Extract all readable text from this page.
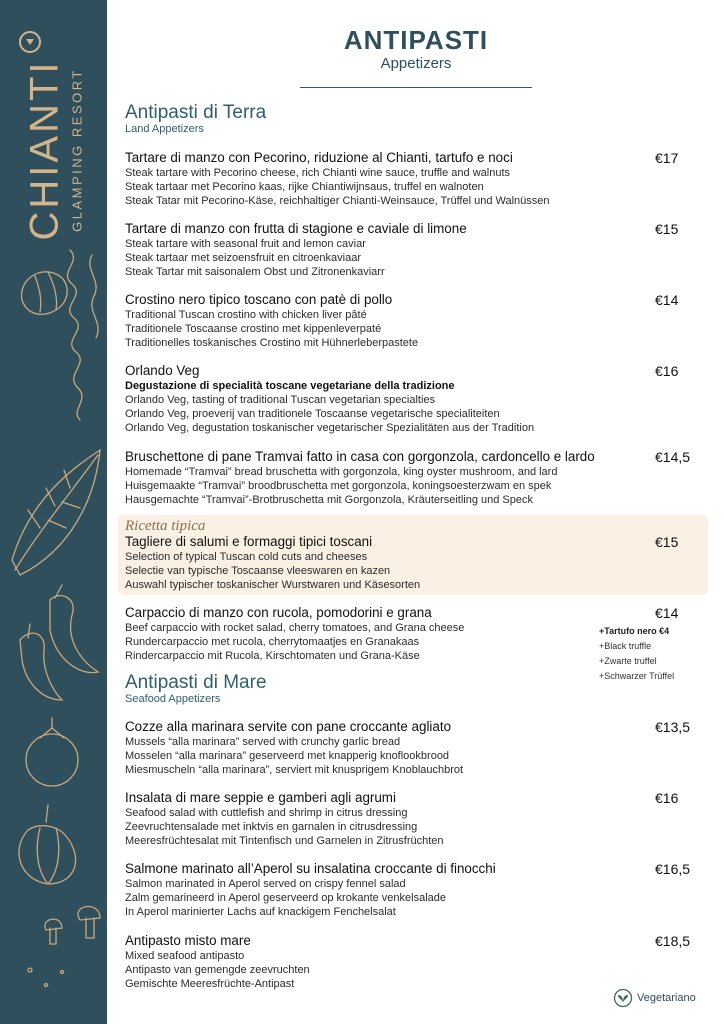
CHIANTI GLAMPING RESORT
ANTIPASTI
Appetizers
Antipasti di Terra
Land Appetizers
Tartare di manzo con Pecorino, riduzione al Chianti, tartufo e noci
Steak tartare with Pecorino cheese, rich Chianti wine sauce, truffle and walnuts
Steak tartaar met Pecorino kaas, rijke Chiantiwijnsaus, truffel en walnoten
Steak Tatar mit Pecorino-Käse, reichhaltiger Chianti-Weinsauce, Trüffel und Walnüssen
€17
Tartare di manzo con frutta di stagione e caviale di limone
Steak tartare with seasonal fruit and lemon caviar
Steak tartaar met seizoensfruit en citroenkaviaar
Steak Tartar mit saisonalem Obst und Zitronenkaviarr
€15
Crostino nero tipico toscano con patè di pollo
Traditional Tuscan crostino with chicken liver pâté
Traditionele Toscaanse crostino met kippenleverpaté
Traditionelles toskanisches Crostino mit Hühnerleberpastete
€14
Orlando Veg
Degustazione di specialità toscane vegetariane della tradizione
Orlando Veg, tasting of traditional Tuscan vegetarian specialties
Orlando Veg, proeverij van traditionele Toscaanse vegetarische specialiteiten
Orlando Veg, degustation toskanischer vegetarischer Spezialitäten aus der Tradition
€16
Bruschettone di pane Tramvai fatto in casa con gorgonzola, cardoncello e lardo
Homemade “Tramvai” bread bruschetta with gorgonzola, king oyster mushroom, and lard
Huisgemaakte “Tramvai” broodbruschetta met gorgonzola, koningsoesterzwam en spek
Hausgemachte “Tramvai”-Brotbruschetta mit Gorgonzola, Kräuterseitling und Speck
€14,5
Ricetta tipica
Tagliere di salumi e formaggi tipici toscani
Selection of typical Tuscan cold cuts and cheeses
Selectie van typische Toscaanse vleeswaren en kazen
Auswahl typischer toskanischer Wurstwaren und Käsesorten
€15
Carpaccio di manzo con rucola, pomodorini e grana
Beef carpaccio with rocket salad, cherry tomatoes, and Grana cheese
Rundercarpaccio met rucola, cherrytomaatjes en Granakaas
Rindercarpaccio mit Rucola, Kirschtomaten und Grana-Käse
€14
+Tartufo nero €4
+Black truffle
+Zwarte truffel
+Schwarzer Trüffel
Antipasti di Mare
Seafood Appetizers
Cozze alla marinara servite con pane croccante agliato
Mussels “alla marinara” served with crunchy garlic bread
Mosselen “alla marinara” geserveerd met knapperig knoflookbrood
Miesmuscheln “alla marinara”, serviert mit knusprigem Knoblauchbrot
€13,5
Insalata di mare seppie e gamberi agli agrumi
Seafood salad with cuttlefish and shrimp in citrus dressing
Zeevruchtensalade met inktvis en garnalen in citrusdressing
Meeresfrüchtesalat mit Tintenfisch und Garnelen in Zitrusfrüchten
€16
Salmone marinato all’Aperol su insalatina croccante di finocchi
Salmon marinated in Aperol served on crispy fennel salad
Zalm gemarineerd in Aperol geserveerd op krokante venkelsalade
In Aperol marinierter Lachs auf knackigem Fenchelsalat
€16,5
Antipasto misto mare
Mixed seafood antipasto
Antipasto van gemengde zeevruchten
Gemischte Meeresfrüchte-Antipast
€18,5
Vegetariano
